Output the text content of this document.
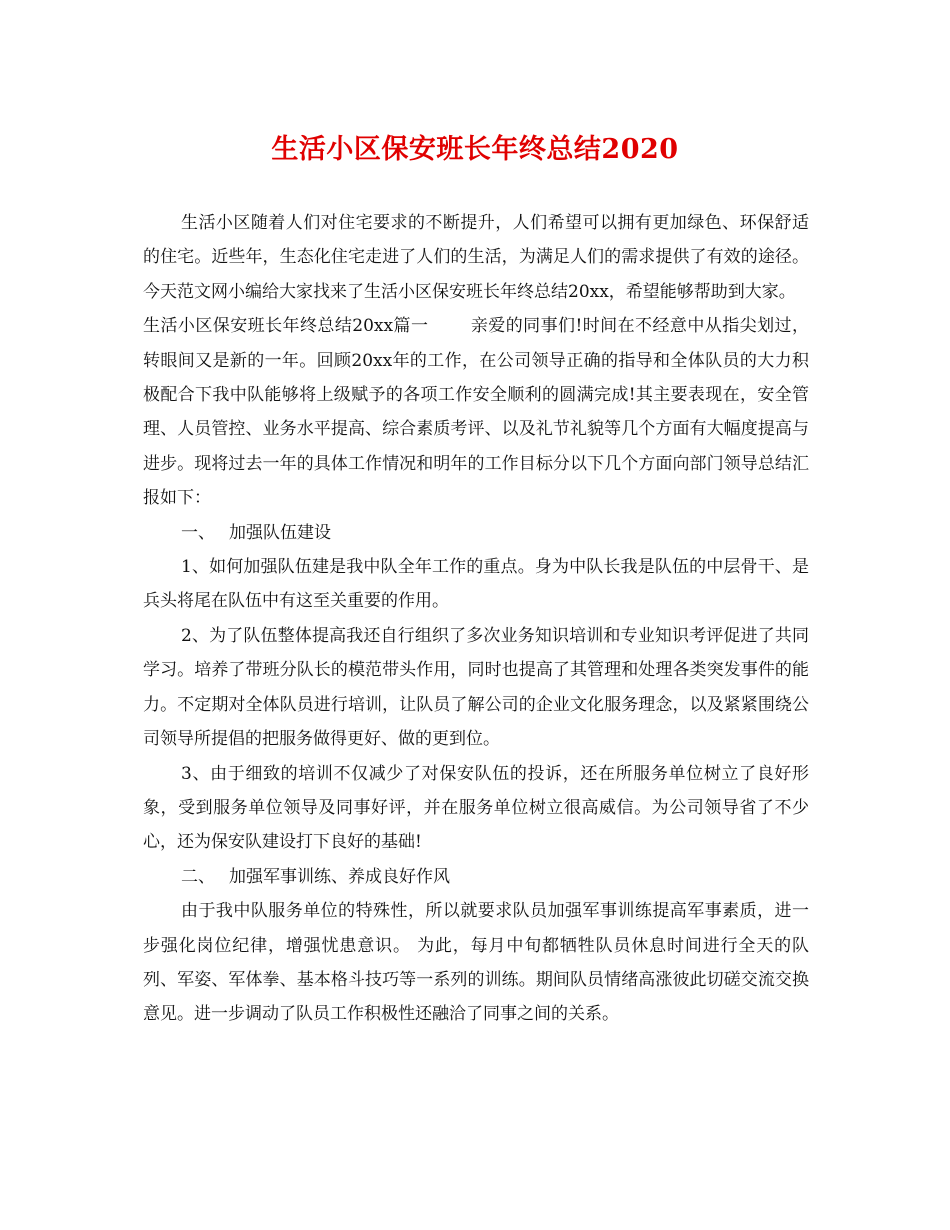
生活小区保安班长年终总结2020

生活小区随着人们对住宅要求的不断提升，人们希望可以拥有更加绿色、环保舒适的住宅。近些年，生态化住宅走进了人们的生活，为满足人们的需求提供了有效的途径。今天范文网小编给大家找来了生活小区保安班长年终总结20xx，希望能够帮助到大家。

生活小区保安班长年终总结20xx篇一 亲爱的同事们!时间在不经意中从指尖划过，转眼间又是新的一年。回顾20xx年的工作，在公司领导正确的指导和全体队员的大力积极配合下我中队能够将上级赋予的各项工作安全顺利的圆满完成!其主要表现在，安全管理、人员管控、业务水平提高、综合素质考评、以及礼节礼貌等几个方面有大幅度提高与进步。现将过去一年的具体工作情况和明年的工作目标分以下几个方面向部门领导总结汇报如下：

一、 加强队伍建设

1、如何加强队伍建是我中队全年工作的重点。身为中队长我是队伍的中层骨干、是兵头将尾在队伍中有这至关重要的作用。

2、为了队伍整体提高我还自行组织了多次业务知识培训和专业知识考评促进了共同学习。培养了带班分队长的模范带头作用，同时也提高了其管理和处理各类突发事件的能力。不定期对全体队员进行培训，让队员了解公司的企业文化服务理念，以及紧紧围绕公司领导所提倡的把服务做得更好、做的更到位。

3、由于细致的培训不仅减少了对保安队伍的投诉，还在所服务单位树立了良好形象，受到服务单位领导及同事好评，并在服务单位树立很高威信。为公司领导省了不少心，还为保安队建设打下良好的基础!

二、 加强军事训练、养成良好作风

由于我中队服务单位的特殊性，所以就要求队员加强军事训练提高军事素质，进一步强化岗位纪律，增强忧患意识。 为此，每月中旬都牺牲队员休息时间进行全天的队列、军姿、军体拳、基本格斗技巧等一系列的训练。期间队员情绪高涨彼此切磋交流交换意见。进一步调动了队员工作积极性还融洽了同事之间的关系。
